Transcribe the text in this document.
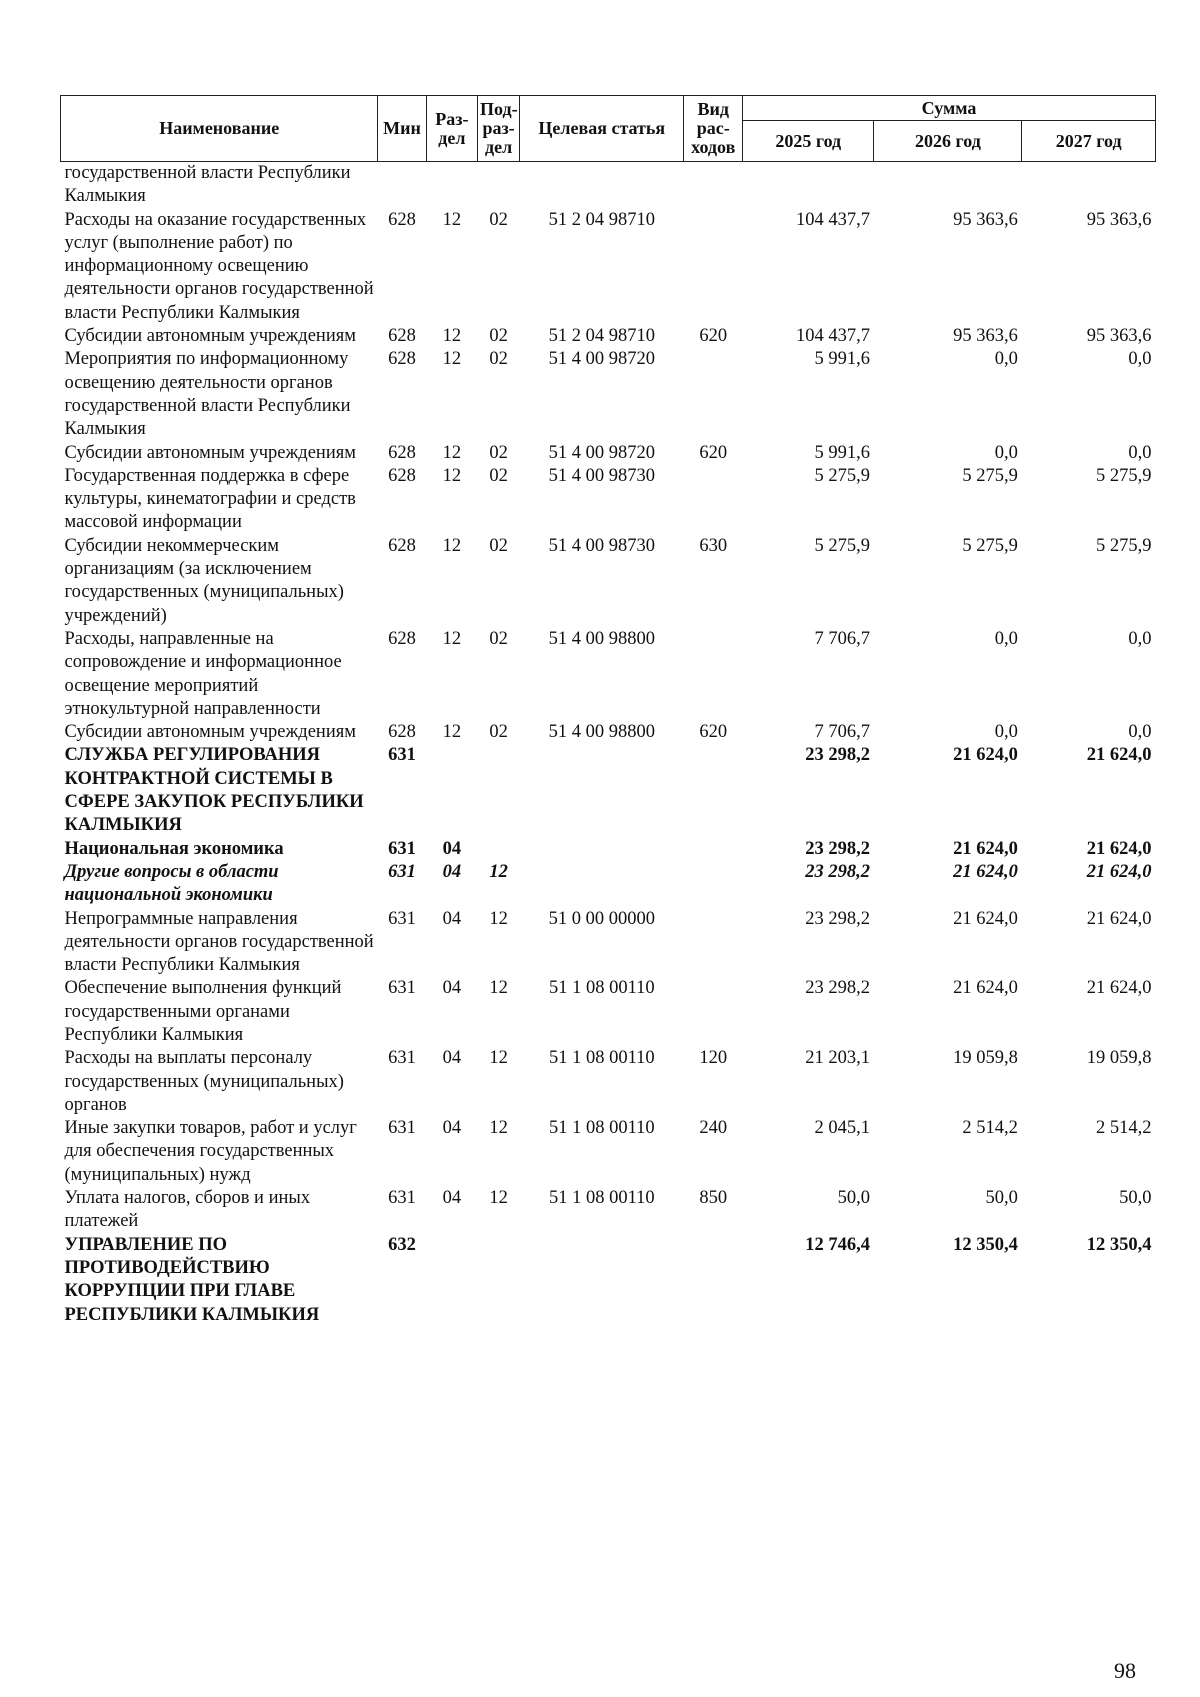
Наименование	Мин	Раз-дел	Под-раз-дел	Целевая статья	Вид рас-ходов	Сумма		
						2025 год	2026 год	2027 год
государственной власти Республики Калмыкия								
Расходы на оказание государственных услуг (выполнение работ) по информационному освещению деятельности органов государственной власти Республики Калмыкия	628	12	02	51 2 04 98710		104 437,7	95 363,6	95 363,6
Субсидии автономным учреждениям	628	12	02	51 2 04 98710	620	104 437,7	95 363,6	95 363,6
Мероприятия по информационному освещению деятельности органов государственной власти Республики Калмыкия	628	12	02	51 4 00 98720		5 991,6	0,0	0,0
Субсидии автономным учреждениям	628	12	02	51 4 00 98720	620	5 991,6	0,0	0,0
Государственная поддержка в сфере культуры, кинематографии и средств массовой информации	628	12	02	51 4 00 98730		5 275,9	5 275,9	5 275,9
Субсидии некоммерческим организациям (за исключением государственных (муниципальных) учреждений)	628	12	02	51 4 00 98730	630	5 275,9	5 275,9	5 275,9
Расходы, направленные на сопровождение и информационное освещение мероприятий этнокультурной направленности	628	12	02	51 4 00 98800		7 706,7	0,0	0,0
Субсидии автономным учреждениям	628	12	02	51 4 00 98800	620	7 706,7	0,0	0,0
СЛУЖБА РЕГУЛИРОВАНИЯ КОНТРАКТНОЙ СИСТЕМЫ В СФЕРЕ ЗАКУПОК РЕСПУБЛИКИ КАЛМЫКИЯ	631					23 298,2	21 624,0	21 624,0
Национальная экономика	631	04				23 298,2	21 624,0	21 624,0
Другие вопросы в области национальной экономики	631	04	12			23 298,2	21 624,0	21 624,0
Непрограммные направления деятельности органов государственной власти Республики Калмыкия	631	04	12	51 0 00 00000		23 298,2	21 624,0	21 624,0
Обеспечение выполнения функций государственными органами Республики Калмыкия	631	04	12	51 1 08 00110		23 298,2	21 624,0	21 624,0
Расходы на выплаты персоналу государственных (муниципальных) органов	631	04	12	51 1 08 00110	120	21 203,1	19 059,8	19 059,8
Иные закупки товаров, работ и услуг для обеспечения государственных (муниципальных) нужд	631	04	12	51 1 08 00110	240	2 045,1	2 514,2	2 514,2
Уплата налогов, сборов и иных платежей	631	04	12	51 1 08 00110	850	50,0	50,0	50,0
УПРАВЛЕНИЕ ПО ПРОТИВОДЕЙСТВИЮ КОРРУПЦИИ ПРИ ГЛАВЕ РЕСПУБЛИКИ КАЛМЫКИЯ	632					12 746,4	12 350,4	12 350,4
98
